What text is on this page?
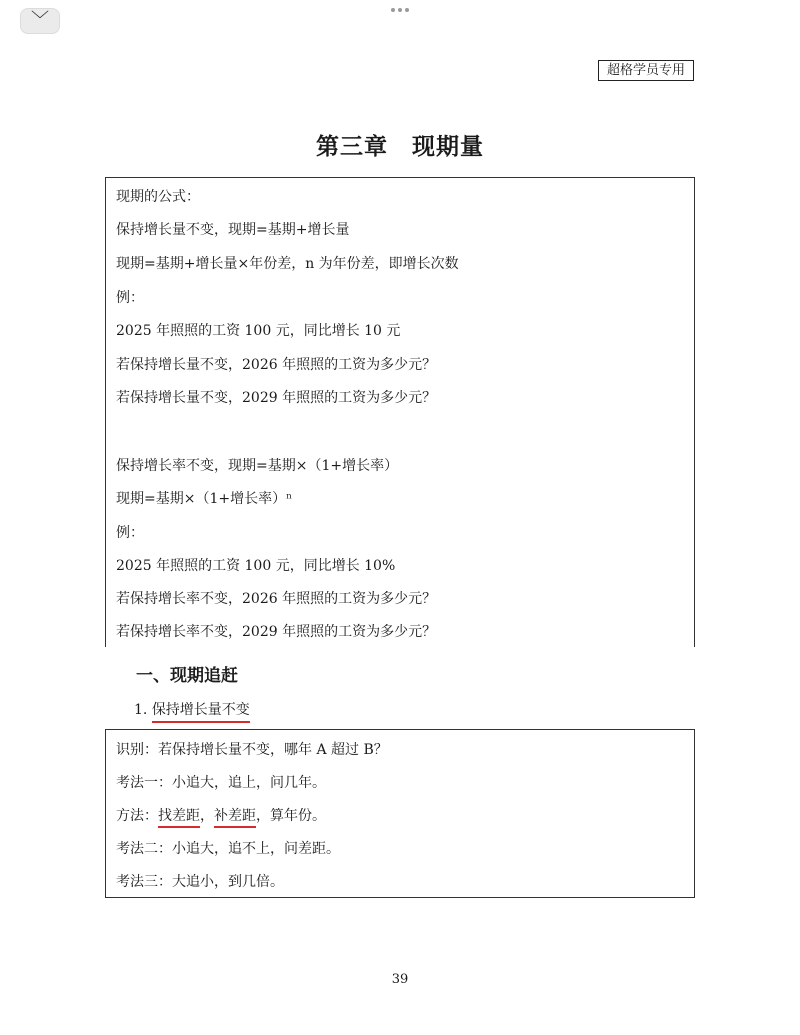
﹀
超格学员专用
第三章　现期量
现期的公式：
保持增长量不变，现期=基期+增长量
现期=基期+增长量×年份差，n 为年份差，即增长次数
例：
2025 年照照的工资 100 元，同比增长 10 元
若保持增长量不变，2026 年照照的工资为多少元？
若保持增长量不变，2029 年照照的工资为多少元？
保持增长率不变，现期=基期×（1+增长率）
现期=基期×（1+增长率）ⁿ
例：
2025 年照照的工资 100 元，同比增长 10%
若保持增长率不变，2026 年照照的工资为多少元？
若保持增长率不变，2029 年照照的工资为多少元？
一、现期追赶
1. 保持增长量不变
识别：若保持增长量不变，哪年 A 超过 B？
考法一：小追大，追上，问几年。
方法：找差距，补差距，算年份。
考法二：小追大，追不上，问差距。
考法三：大追小，到几倍。
39
